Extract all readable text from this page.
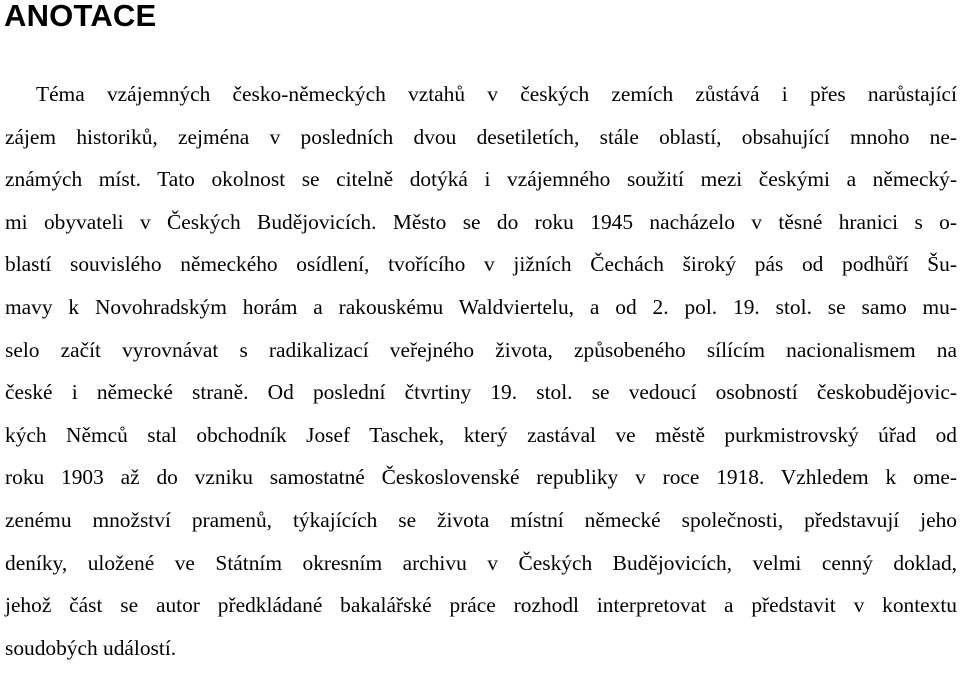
ANOTACE
Téma vzájemných česko-německých vztahů v českých zemích zůstává i přes narůstající
zájem historiků, zejména v posledních dvou desetiletích, stále oblastí, obsahující mnoho ne-
známých míst. Tato okolnost se citelně dotýká i vzájemného soužití mezi českými a německý-
mi obyvateli v Českých Budějovicích. Město se do roku 1945 nacházelo v těsné hranici s o-
blastí souvislého německého osídlení, tvořícího v jižních Čechách široký pás od podhůří Šu-
mavy k Novohradským horám a rakouskému Waldviertelu, a od 2. pol. 19. stol. se samo mu-
selo začít vyrovnávat s radikalizací veřejného života, způsobeného sílícím nacionalismem na
české i německé straně. Od poslední čtvrtiny 19. stol. se vedoucí osobností českobudějovic-
kých Němců stal obchodník Josef Taschek, který zastával ve městě purkmistrovský úřad od
roku 1903 až do vzniku samostatné Československé republiky v roce 1918. Vzhledem k ome-
zenému množství pramenů, týkajících se života místní německé společnosti, představují jeho
deníky, uložené ve Státním okresním archivu v Českých Budějovicích, velmi cenný doklad,
jehož část se autor předkládané bakalářské práce rozhodl interpretovat a představit v kontextu
soudobých událostí.
